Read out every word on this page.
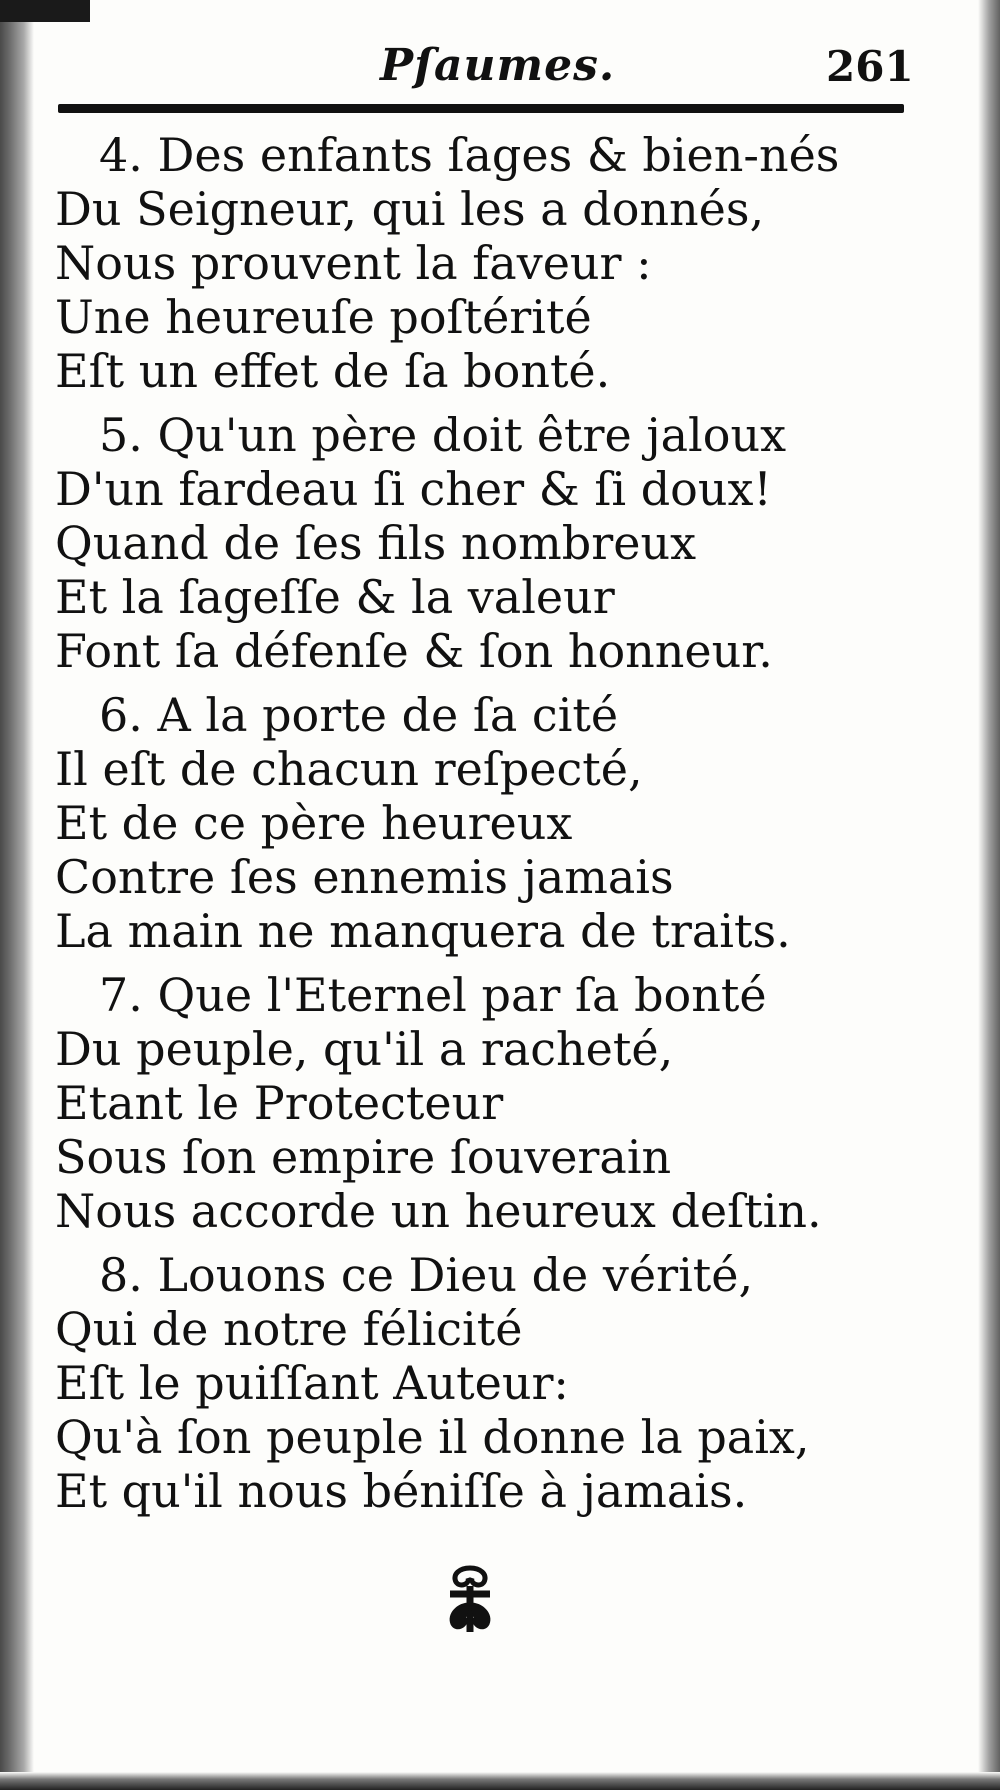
Pſaumes.	261
4. Des enfants ſages & bien-nés
Du Seigneur, qui les a donnés,
Nous prouvent la faveur :
Une heureuſe poſtérité
Eſt un effet de ſa bonté.
5. Qu'un père doit être jaloux
D'un fardeau ſi cher & ſi doux!
Quand de ſes fils nombreux
Et la ſageſſe & la valeur
Font ſa défenſe & ſon honneur.
6. A la porte de ſa cité
Il eſt de chacun reſpecté,
Et de ce père heureux
Contre ſes ennemis jamais
La main ne manquera de traits.
7. Que l'Eternel par ſa bonté
Du peuple, qu'il a racheté,
Etant le Protecteur
Sous ſon empire ſouverain
Nous accorde un heureux deſtin.
8. Louons ce Dieu de vérité,
Qui de notre félicité
Eſt le puiſſant Auteur:
Qu'à ſon peuple il donne la paix,
Et qu'il nous béniſſe à jamais.
